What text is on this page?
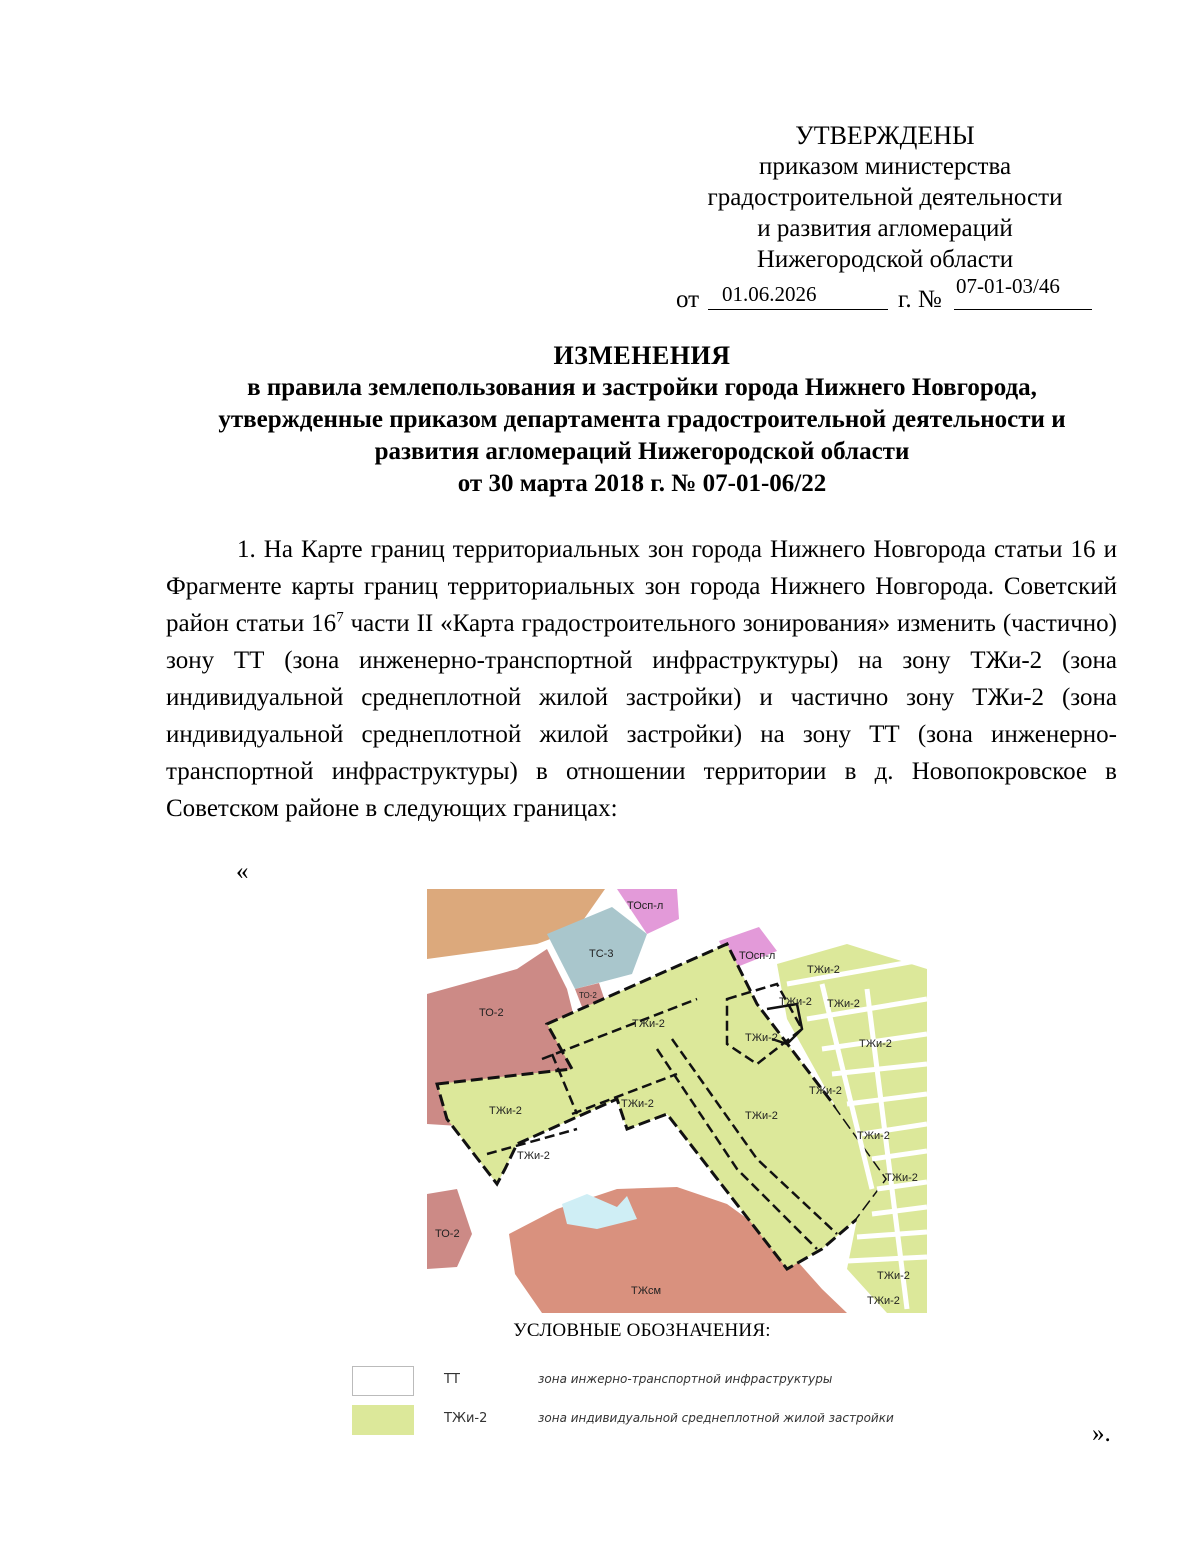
УТВЕРЖДЕНЫ
приказом министерства
градостроительной деятельности
и развития агломераций
Нижегородской области
от	01.06.2026	г. № 07-01-03/46
ИЗМЕНЕНИЯ
в правила землепользования и застройки города Нижнего Новгорода,
утвержденные приказом департамента градостроительной деятельности и
развития агломераций Нижегородской области
от 30 марта 2018 г. № 07-01-06/22

1. На Карте границ территориальных зон города Нижнего Новгорода статьи 16 и Фрагменте карты границ территориальных зон города Нижнего Новгорода. Советский район статьи $16^7$ части II «Карта градостроительного зонирования» изменить (частично) зону ТТ (зона инженерно-транспортной инфраструктуры) на зону ТЖи-2 (зона индивидуальной среднеплотной жилой застройки) и частично зону ТЖи-2 (зона индивидуальной среднеплотной жилой застройки) на зону ТТ (зона инженерно-транспортной инфраструктуры) в отношении территории в д. Новопокровское в Советском районе в следующих границах:

«
ТО-2
ТО-2
ТО-2
ТС-3
ТОсп-л
ТОсп-л
ТЖи-2
ТЖи-2
ТЖи-2
ТЖи-2
ТЖи-2
ТЖи-2
ТЖи-2
ТЖи-2
ТЖи-2
ТЖи-2
ТЖи-2
ТЖи-2
ТЖи-2
ТЖи-2
ТЖи-2
ТЖсм
УСЛОВНЫЕ ОБОЗНАЧЕНИЯ:
ТТ	зона инжерно-транспортной инфраструктуры
ТЖи-2	зона индивидуальной среднеплотной жилой застройки
».
